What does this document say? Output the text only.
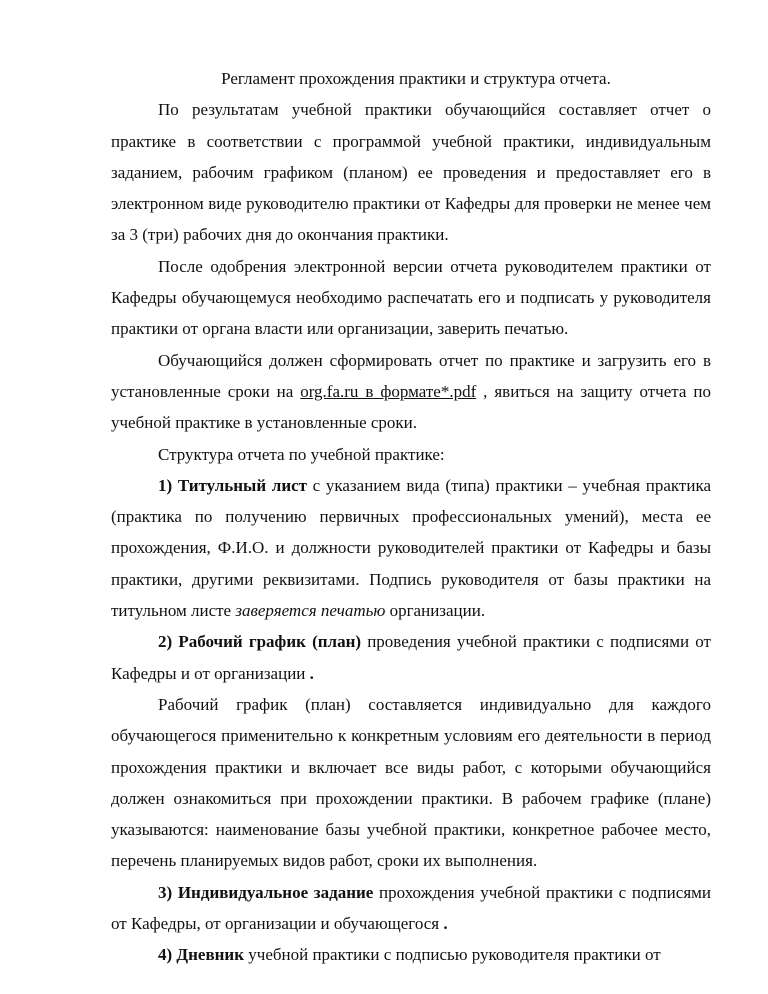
Регламент прохождения практики и структура отчета.

По результатам учебной практики обучающийся составляет отчет о практике в соответствии с программой учебной практики, индивидуальным заданием, рабочим графиком (планом) ее проведения и предоставляет его в электронном виде руководителю практики от Кафедры для проверки не менее чем за 3 (три) рабочих дня до окончания практики.

После одобрения электронной версии отчета руководителем практики от Кафедры обучающемуся необходимо распечатать его и подписать у руководителя практики от органа власти или организации, заверить печатью.

Обучающийся должен сформировать отчет по практике и загрузить его в установленные сроки на org.fa.ru в формате*.pdf , явиться на защиту отчета по учебной практике в установленные сроки.

Структура отчета по учебной практике:

1) Титульный лист с указанием вида (типа) практики – учебная практика (практика по получению первичных профессиональных умений), места ее прохождения, Ф.И.О. и должности руководителей практики от Кафедры и базы практики, другими реквизитами. Подпись руководителя от базы практики на титульном листе заверяется печатью организации.

2) Рабочий график (план) проведения учебной практики с подписями от Кафедры и от организации .

Рабочий график (план) составляется индивидуально для каждого обучающегося применительно к конкретным условиям его деятельности в период прохождения практики и включает все виды работ, с которыми обучающийся должен ознакомиться при прохождении практики. В рабочем графике (плане) указываются: наименование базы учебной практики, конкретное рабочее место, перечень планируемых видов работ, сроки их выполнения.

3) Индивидуальное задание прохождения учебной практики с подписями от Кафедры, от организации и обучающегося .

4) Дневник учебной практики с подписью руководителя практики от
